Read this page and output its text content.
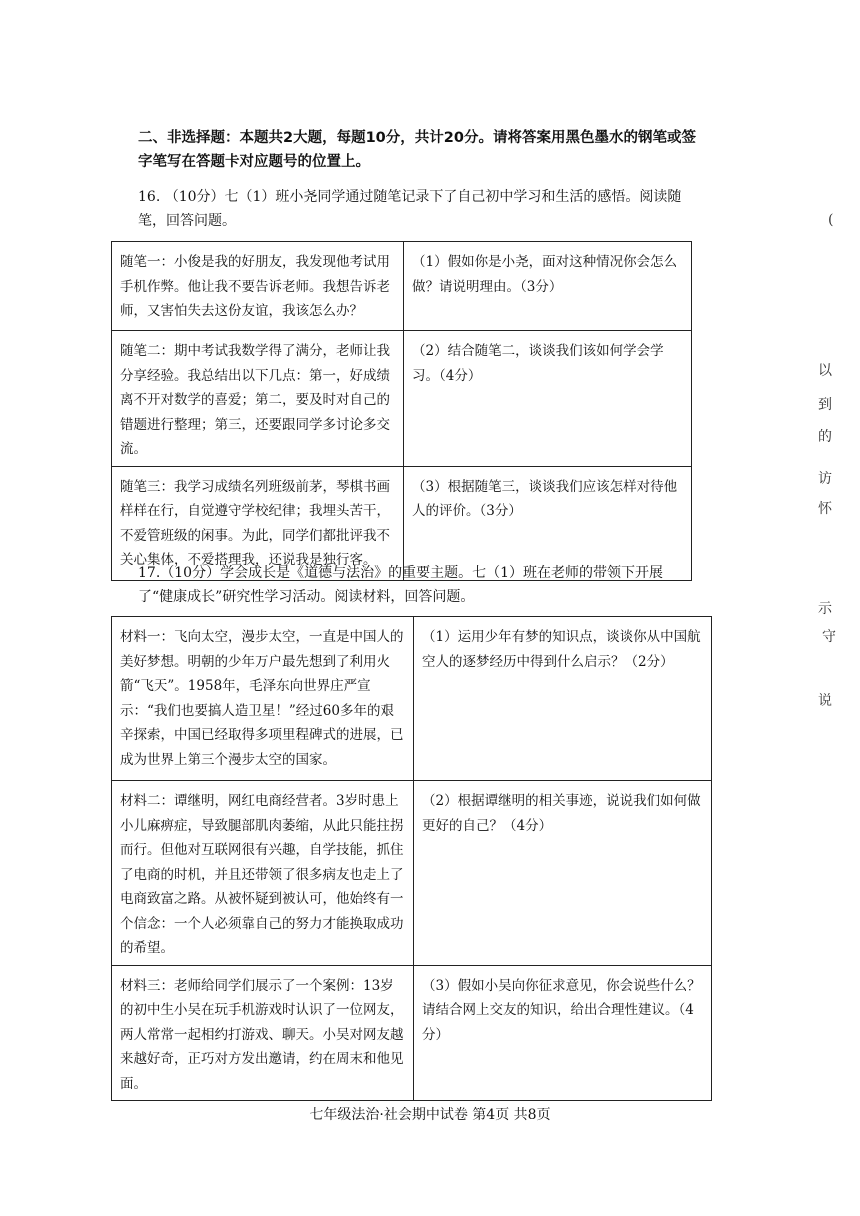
二、非选择题：本题共2大题，每题10分，共计20分。请将答案用黑色墨水的钢笔或签字笔写在答题卡对应题号的位置上。
16. （10分）七（1）班小尧同学通过随笔记录下了自己初中学习和生活的感悟。阅读随笔，回答问题。
随笔一：小俊是我的好朋友，我发现他考试用手机作弊。他让我不要告诉老师。我想告诉老师，又害怕失去这份友谊，我该怎么办？	（1）假如你是小尧，面对这种情况你会怎么做？请说明理由。（3分）
随笔二：期中考试我数学得了满分，老师让我分享经验。我总结出以下几点：第一，好成绩离不开对数学的喜爱；第二，要及时对自己的错题进行整理；第三，还要跟同学多讨论多交流。	（2）结合随笔二，谈谈我们该如何学会学习。（4分）
随笔三：我学习成绩名列班级前茅，琴棋书画样样在行，自觉遵守学校纪律；我埋头苦干，不爱管班级的闲事。为此，同学们都批评我不关心集体，不爱搭理我，还说我是独行客。	（3）根据随笔三，谈谈我们应该怎样对待他人的评价。（3分）
17.（10分）学会成长是《道德与法治》的重要主题。七（1）班在老师的带领下开展了“健康成长”研究性学习活动。阅读材料，回答问题。
材料一：飞向太空，漫步太空，一直是中国人的美好梦想。明朝的少年万户最先想到了利用火箭“飞天”。1958年，毛泽东向世界庄严宣示：“我们也要搞人造卫星！”经过60多年的艰辛探索，中国已经取得多项里程碑式的进展，已成为世界上第三个漫步太空的国家。	（1）运用少年有梦的知识点，谈谈你从中国航空人的逐梦经历中得到什么启示？（2分）
材料二：谭继明，网红电商经营者。3岁时患上小儿麻痹症，导致腿部肌肉萎缩，从此只能拄拐而行。但他对互联网很有兴趣，自学技能，抓住了电商的时机，并且还带领了很多病友也走上了电商致富之路。从被怀疑到被认可，他始终有一个信念：一个人必须靠自己的努力才能换取成功的希望。	（2）根据谭继明的相关事迹，说说我们如何做更好的自己？（4分）
材料三：老师给同学们展示了一个案例：13岁的初中生小吴在玩手机游戏时认识了一位网友，两人常常一起相约打游戏、聊天。小吴对网友越来越好奇，正巧对方发出邀请，约在周末和他见面。	（3）假如小吴向你征求意见，你会说些什么？请结合网上交友的知识，给出合理性建议。（4分）
七年级法治·社会期中试卷 第4页 共8页
(
以
到
的
访
怀
示
守
说
